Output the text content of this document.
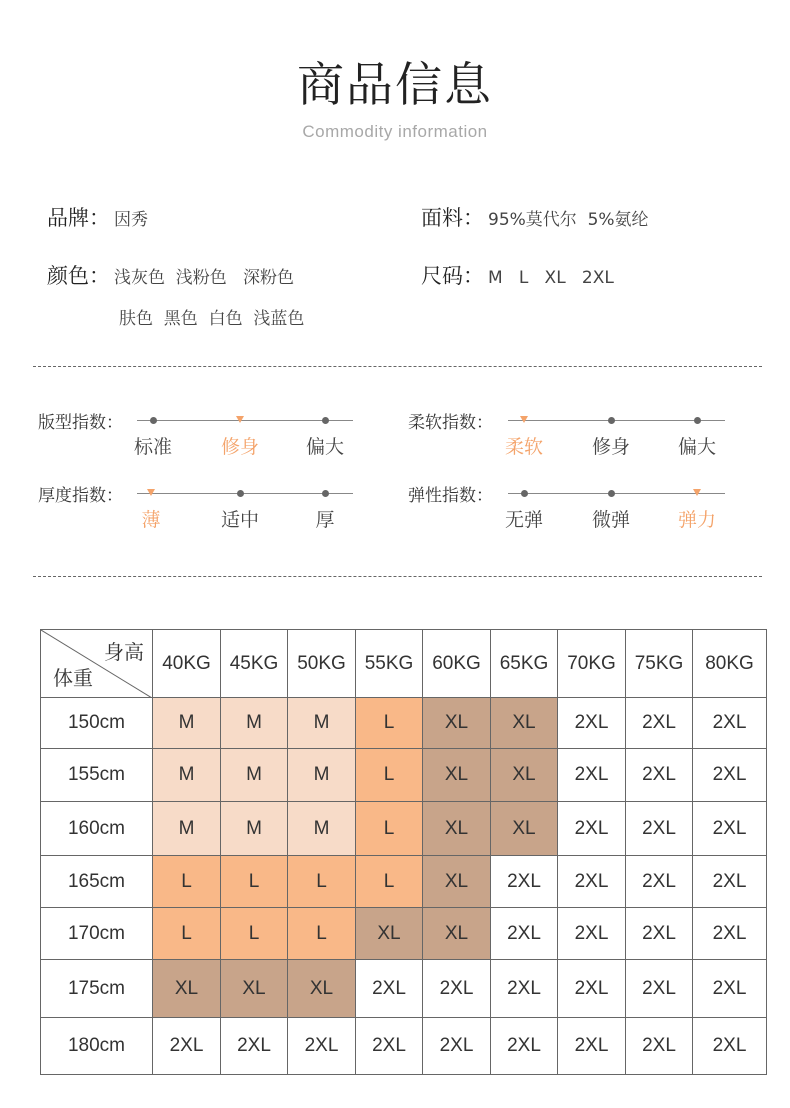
商品信息
Commodity information
品牌： 因秀	面料： 95%莫代尔  5%氨纶
颜色： 浅灰色  浅粉色   深粉色
肤色  黑色  白色  浅蓝色
尺码： M   L   XL   2XL
版型指数：
标准	修身	偏大
柔软指数：
柔软	修身	偏大
厚度指数：
薄	适中	厚
弹性指数：
无弹	微弹	弹力
身高
体重	40KG	45KG	50KG	55KG	60KG	65KG	70KG	75KG	80KG
150cm	M	M	M	L	XL	XL	2XL	2XL	2XL
155cm	M	M	M	L	XL	XL	2XL	2XL	2XL
160cm	M	M	M	L	XL	XL	2XL	2XL	2XL
165cm	L	L	L	L	XL	2XL	2XL	2XL	2XL
170cm	L	L	L	XL	XL	2XL	2XL	2XL	2XL
175cm	XL	XL	XL	2XL	2XL	2XL	2XL	2XL	2XL
180cm	2XL	2XL	2XL	2XL	2XL	2XL	2XL	2XL	2XL
